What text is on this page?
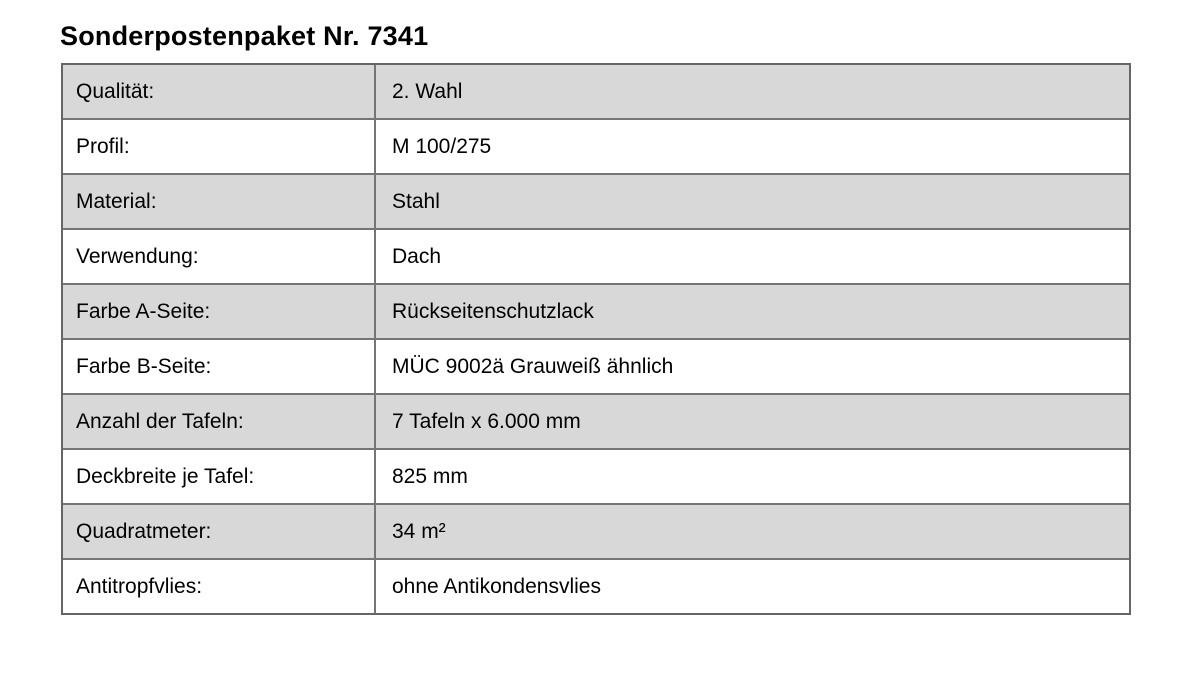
Sonderpostenpaket Nr. 7341
Qualität:	2. Wahl
Profil:	M 100/275
Material:	Stahl
Verwendung:	Dach
Farbe A-Seite:	Rückseitenschutzlack
Farbe B-Seite:	MÜC 9002ä Grauweiß ähnlich
Anzahl der Tafeln:	7 Tafeln x 6.000 mm
Deckbreite je Tafel:	825 mm
Quadratmeter:	34 m²
Antitropfvlies:	ohne Antikondensvlies
